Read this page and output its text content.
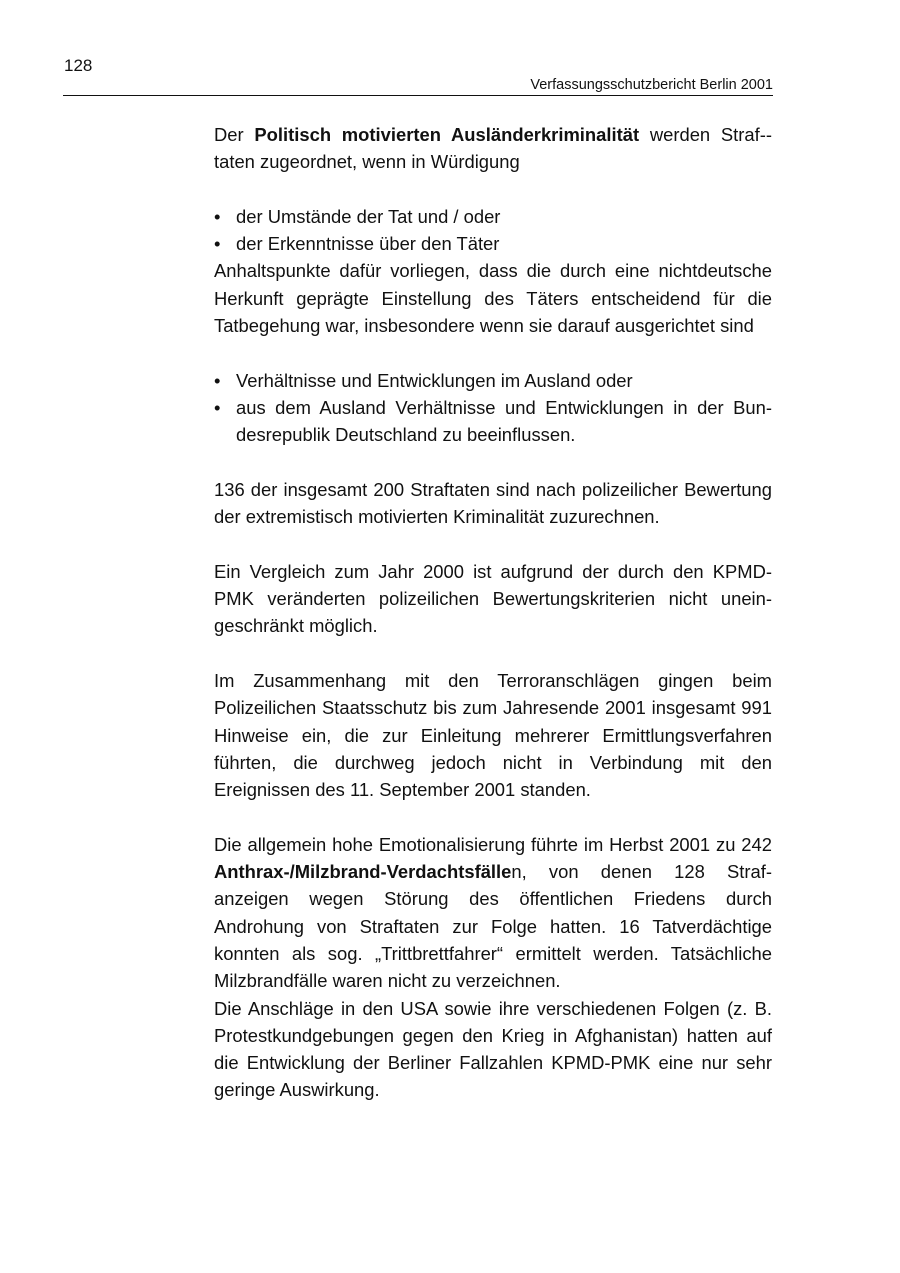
128
Verfassungsschutzbericht Berlin 2001

Der Politisch motivierten Ausländerkriminalität werden Straf-taten zugeordnet, wenn in Würdigung

• der Umstände der Tat und / oder
• der Erkenntnisse über den Täter

Anhaltspunkte dafür vorliegen, dass die durch eine nichtdeutsche Herkunft geprägte Einstellung des Täters entscheidend für die Tatbegehung war, insbesondere wenn sie darauf ausgerichtet sind

• Verhältnisse und Entwicklungen im Ausland oder
• aus dem Ausland Verhältnisse und Entwicklungen in der Bundesrepublik Deutschland zu beeinflussen.

136 der insgesamt 200 Straftaten sind nach polizeilicher Bewertung der extremistisch motivierten Kriminalität zuzurechnen.

Ein Vergleich zum Jahr 2000 ist aufgrund der durch den KPMD-PMK veränderten polizeilichen Bewertungskriterien nicht uneingeschränkt möglich.

Im Zusammenhang mit den Terroranschlägen gingen beim Polizeilichen Staatsschutz bis zum Jahresende 2001 insgesamt 991 Hinweise ein, die zur Einleitung mehrerer Ermittlungsverfahren führten, die durchweg jedoch nicht in Verbindung mit den Ereignissen des 11. September 2001 standen.

Die allgemein hohe Emotionalisierung führte im Herbst 2001 zu 242 Anthrax-/Milzbrand-Verdachtsfällen, von denen 128 Strafanzeigen wegen Störung des öffentlichen Friedens durch Androhung von Straftaten zur Folge hatten. 16 Tatverdächtige konnten als sog. „Trittbrettfahrer“ ermittelt werden. Tatsächliche Milzbrandfälle waren nicht zu verzeichnen.

Die Anschläge in den USA sowie ihre verschiedenen Folgen (z. B. Protestkundgebungen gegen den Krieg in Afghanistan) hatten auf die Entwicklung der Berliner Fallzahlen KPMD-PMK eine nur sehr geringe Auswirkung.
